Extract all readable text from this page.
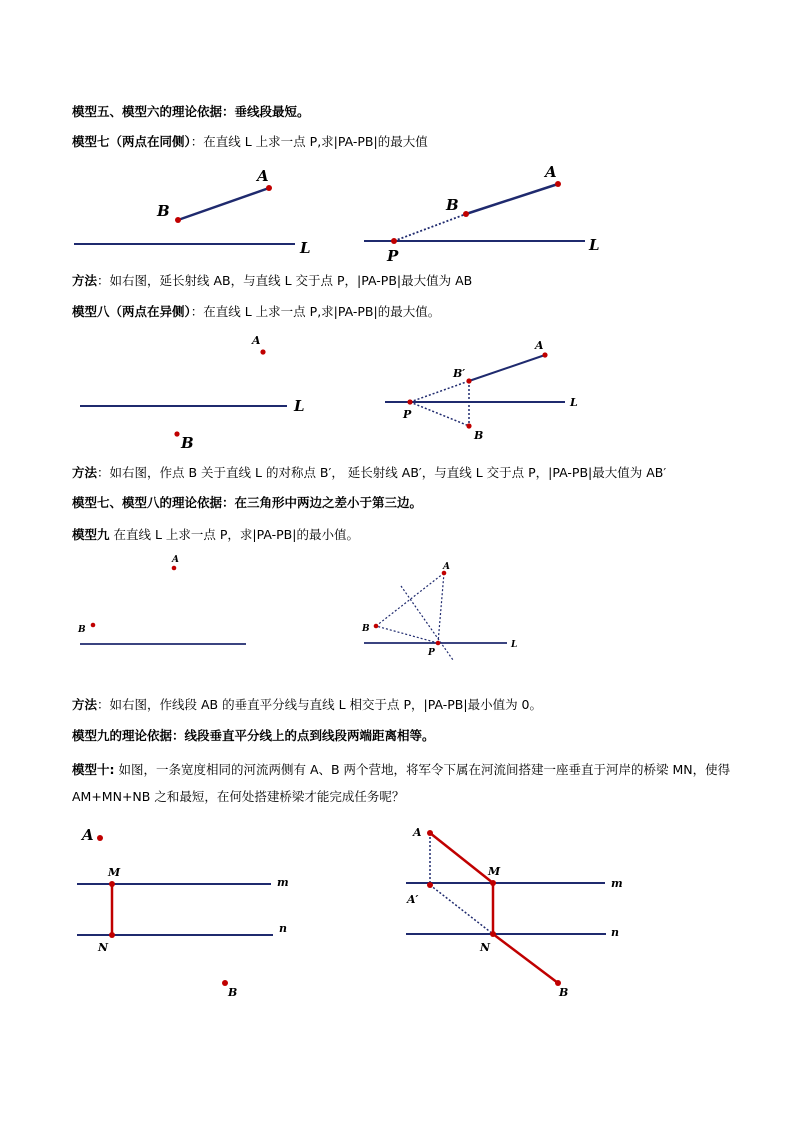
模型五、模型六的理论依据：垂线段最短。
模型七（两点在同侧）：在直线 L 上求一点 P,求|PA-PB|的最大值
方法：如右图，延长射线 AB，与直线 L 交于点 P，|PA-PB|最大值为 AB
模型八（两点在异侧）：在直线 L 上求一点 P,求|PA-PB|的最大值。
方法：如右图，作点 B 关于直线 L 的对称点 B′， 延长射线 AB′，与直线 L 交于点 P，|PA-PB|最大值为 AB′
模型七、模型八的理论依据：在三角形中两边之差小于第三边。
模型九 在直线 L 上求一点 P，求|PA-PB|的最小值。
方法：如右图，作线段 AB 的垂直平分线与直线 L 相交于点 P，|PA-PB|最小值为 0。
模型九的理论依据：线段垂直平分线上的点到线段两端距离相等。
模型十: 如图，一条宽度相同的河流两侧有 A、B 两个营地，将军令下属在河流间搭建一座垂直于河岸的桥梁 MN，使得 AM+MN+NB 之和最短，在何处搭建桥梁才能完成任务呢？
A
B
L
A
B
P
L
A
B
L
A
B′
B
P
L
A
B
A
B
P
L
A
M
N
B
m
n
A
A′
M
N
B
m
n
